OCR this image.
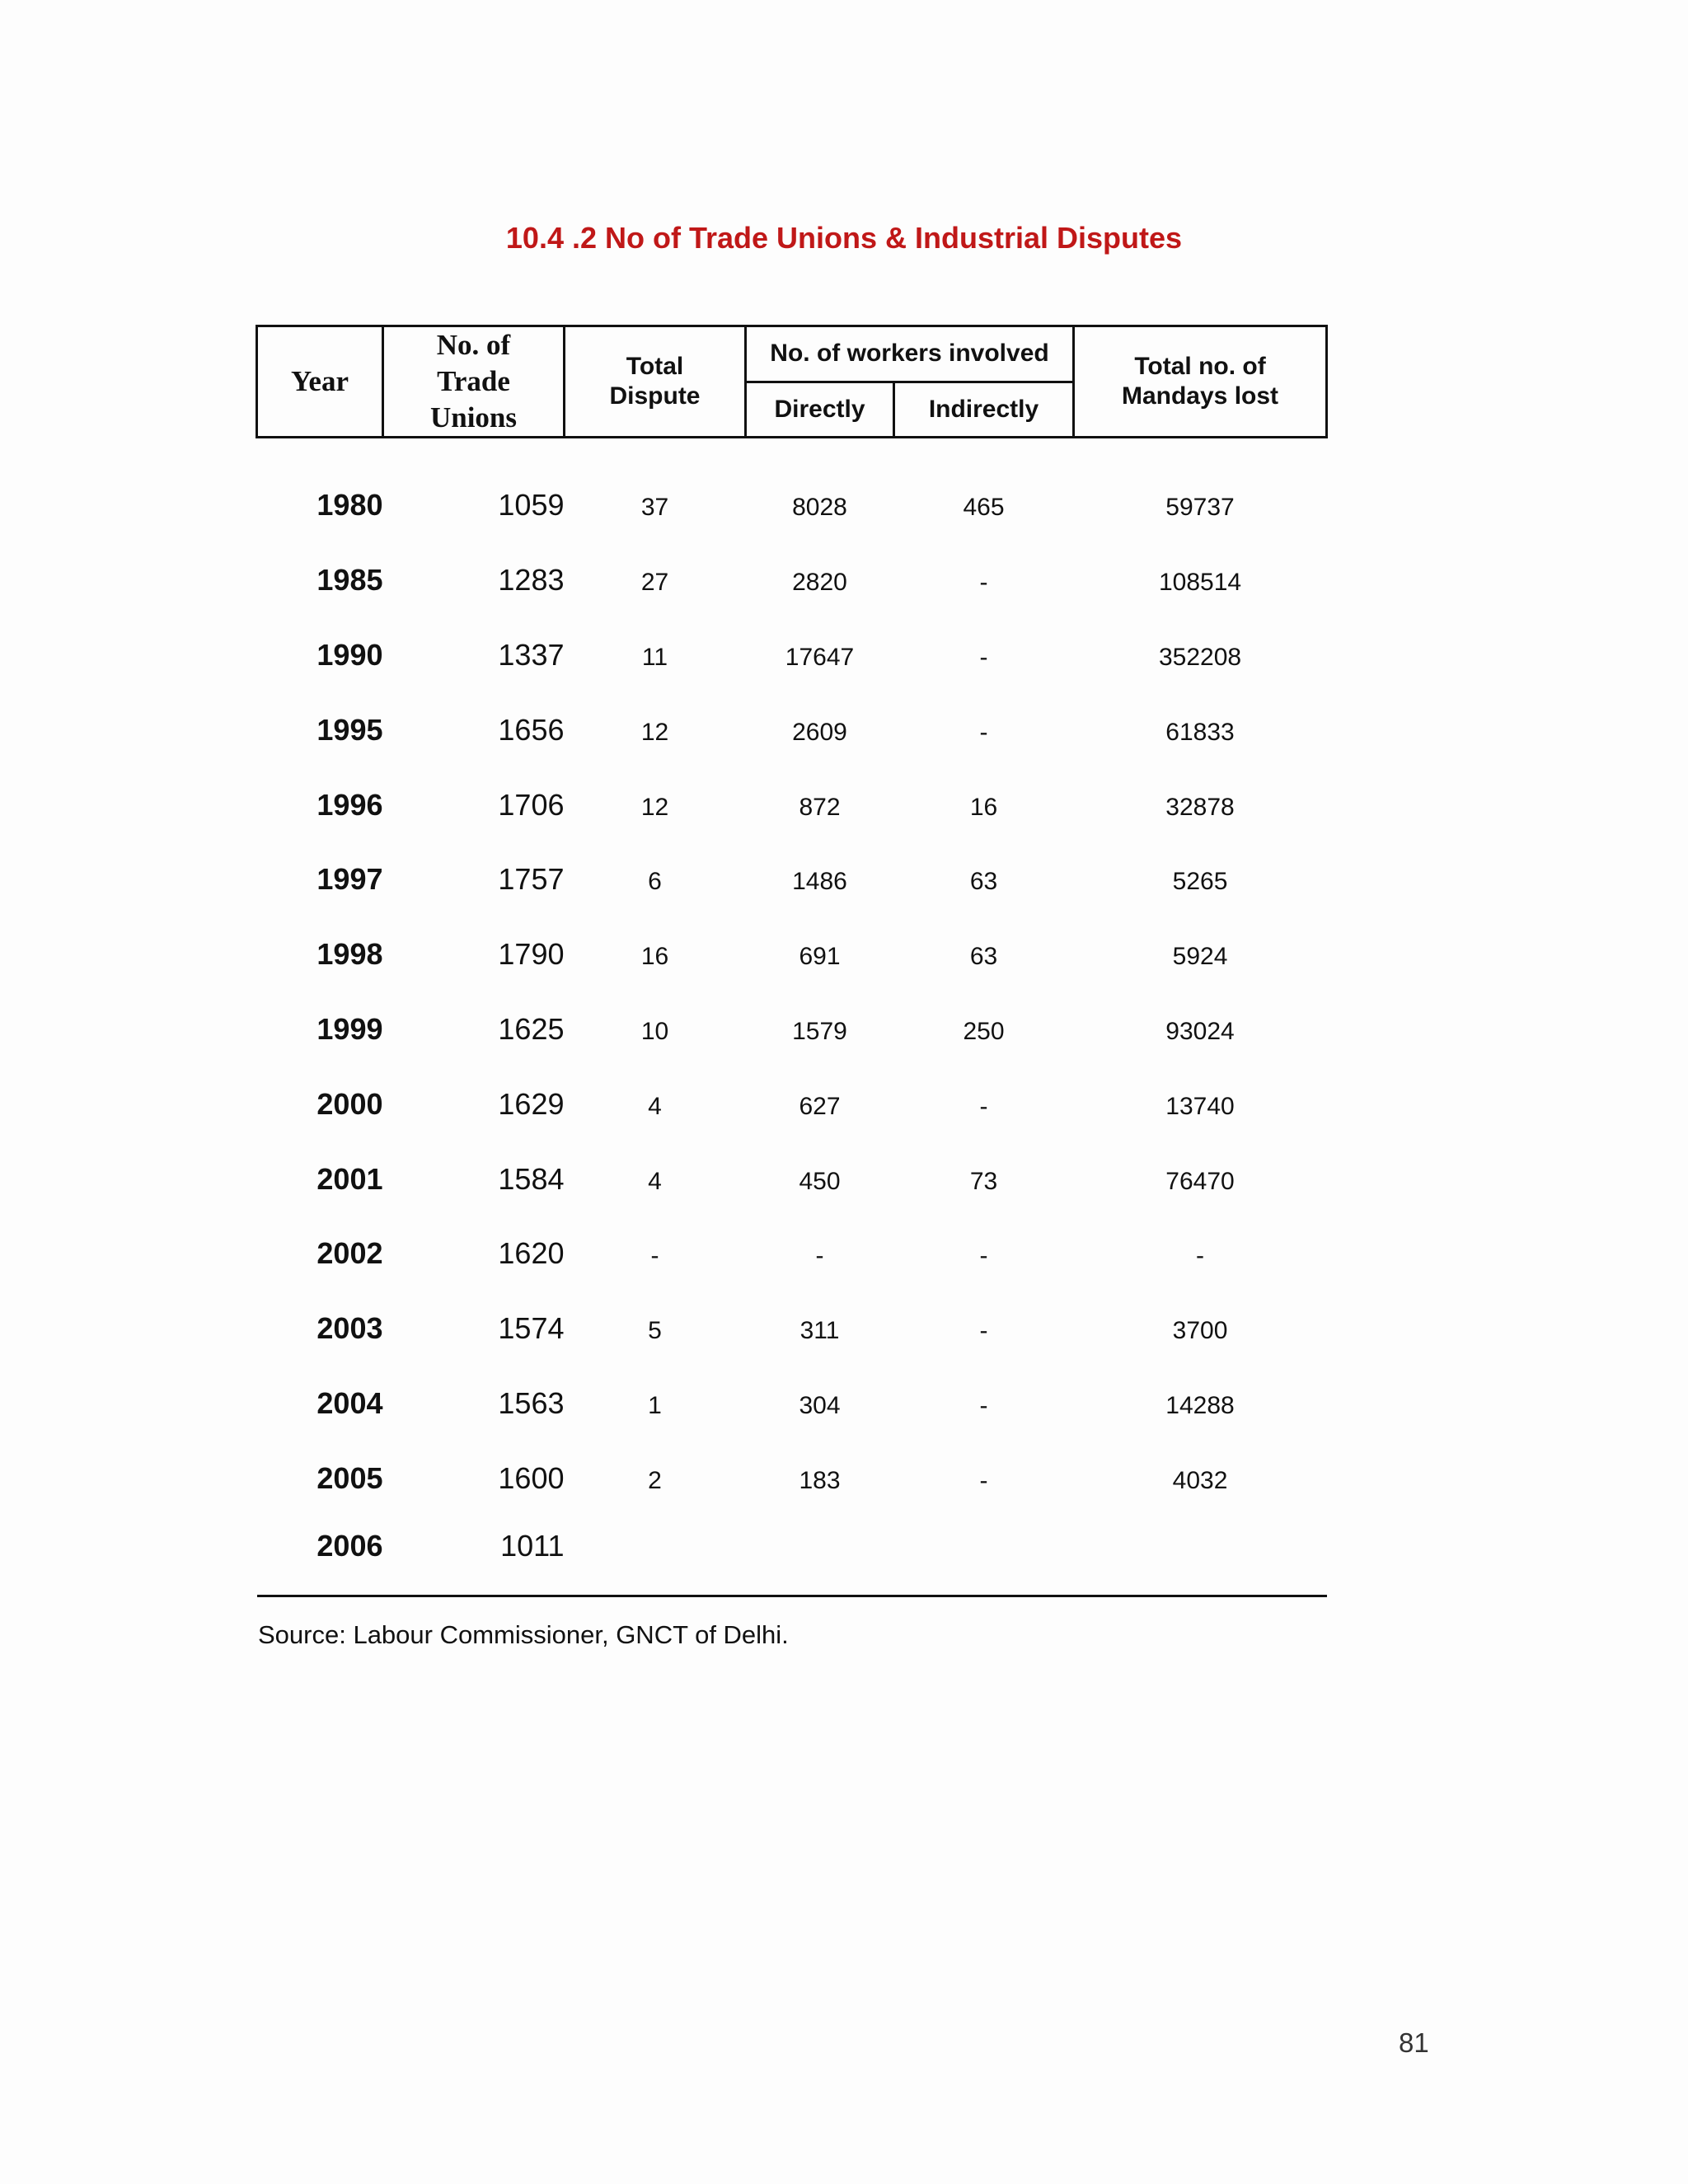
10.4 .2 No of Trade Unions & Industrial Disputes
Year	No. of Trade Unions	Total Dispute	No. of workers involved		Total no. of Mandays lost

			Directly	Indirectly	

1980	1059	37	8028	465	59737
1985	1283	27	2820	-	108514
1990	1337	11	17647	-	352208
1995	1656	12	2609	-	61833
1996	1706	12	872	16	32878
1997	1757	6	1486	63	5265
1998	1790	16	691	63	5924
1999	1625	10	1579	250	93024
2000	1629	4	627	-	13740
2001	1584	4	450	73	76470
2002	1620	-	-	-	-
2003	1574	5	311	-	3700
2004	1563	1	304	-	14288
2005	1600	2	183	-	4032
2006	1011				
Source: Labour Commissioner, GNCT of Delhi.
81
